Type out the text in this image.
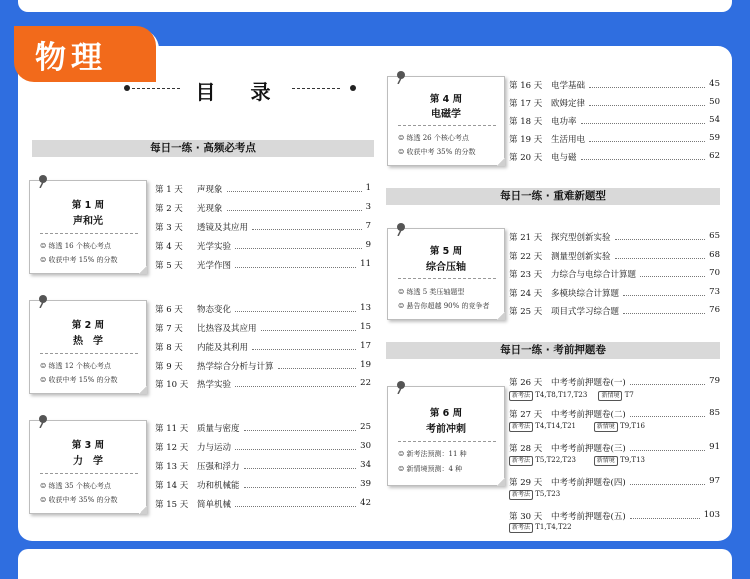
物理
目 录
每日一练 · 高频必考点
每日一练 · 重难新题型
每日一练 · 考前押题卷
第 1 周
声和光
☺ 练透 16 个核心考点
☺ 收获中考 15% 的分数
第 2 周
热　学
☺ 练透 12 个核心考点
☺ 收获中考 15% 的分数
第 3 周
力　学
☺ 练透 35 个核心考点
☺ 收获中考 35% 的分数
第 4 周
电磁学
☺ 练透 26 个核心考点
☺ 收获中考 35% 的分数
第 5 周
综合压轴
☺ 练透 5 类压轴题型
☺ 悬告你超越 90% 的竞争者
第 6 周
考前冲刺
☺ 新考法预测：11 种
☺ 新情境预测：4 种
第 1 天 声现象	1
第 2 天 光现象	3
第 3 天 透镜及其应用	7
第 4 天 光学实验	9
第 5 天 光学作图	11
第 6 天 物态变化	13
第 7 天 比热容及其应用	15
第 8 天 内能及其利用	17
第 9 天 热学综合分析与计算	19
第 10 天 热学实验	22
第 11 天 质量与密度	25
第 12 天 力与运动	30
第 13 天 压强和浮力	34
第 14 天 功和机械能	39
第 15 天 简单机械	42
第 16 天 电学基础	45
第 17 天 欧姆定律	50
第 18 天 电功率	54
第 19 天 生活用电	59
第 20 天 电与磁	62
第 21 天 探究型创新实验	65
第 22 天 测量型创新实验	68
第 23 天 力综合与电综合计算题	70
第 24 天 多模块综合计算题	73
第 25 天 项目式学习综合题	76
第 26 天 中考考前押题卷(一)	79
第 27 天 中考考前押题卷(二)	85
第 28 天 中考考前押题卷(三)	91
第 29 天 中考考前押题卷(四)	97
第 30 天 中考考前押题卷(五)	103
新考法 T4,T8,T17,T23 新情境 T7
新考法 T4,T14,T21	新情境 T9,T16
新考法 T5,T22,T23	新情境 T9,T13
新考法 T5,T23
新考法 T1,T4,T22
